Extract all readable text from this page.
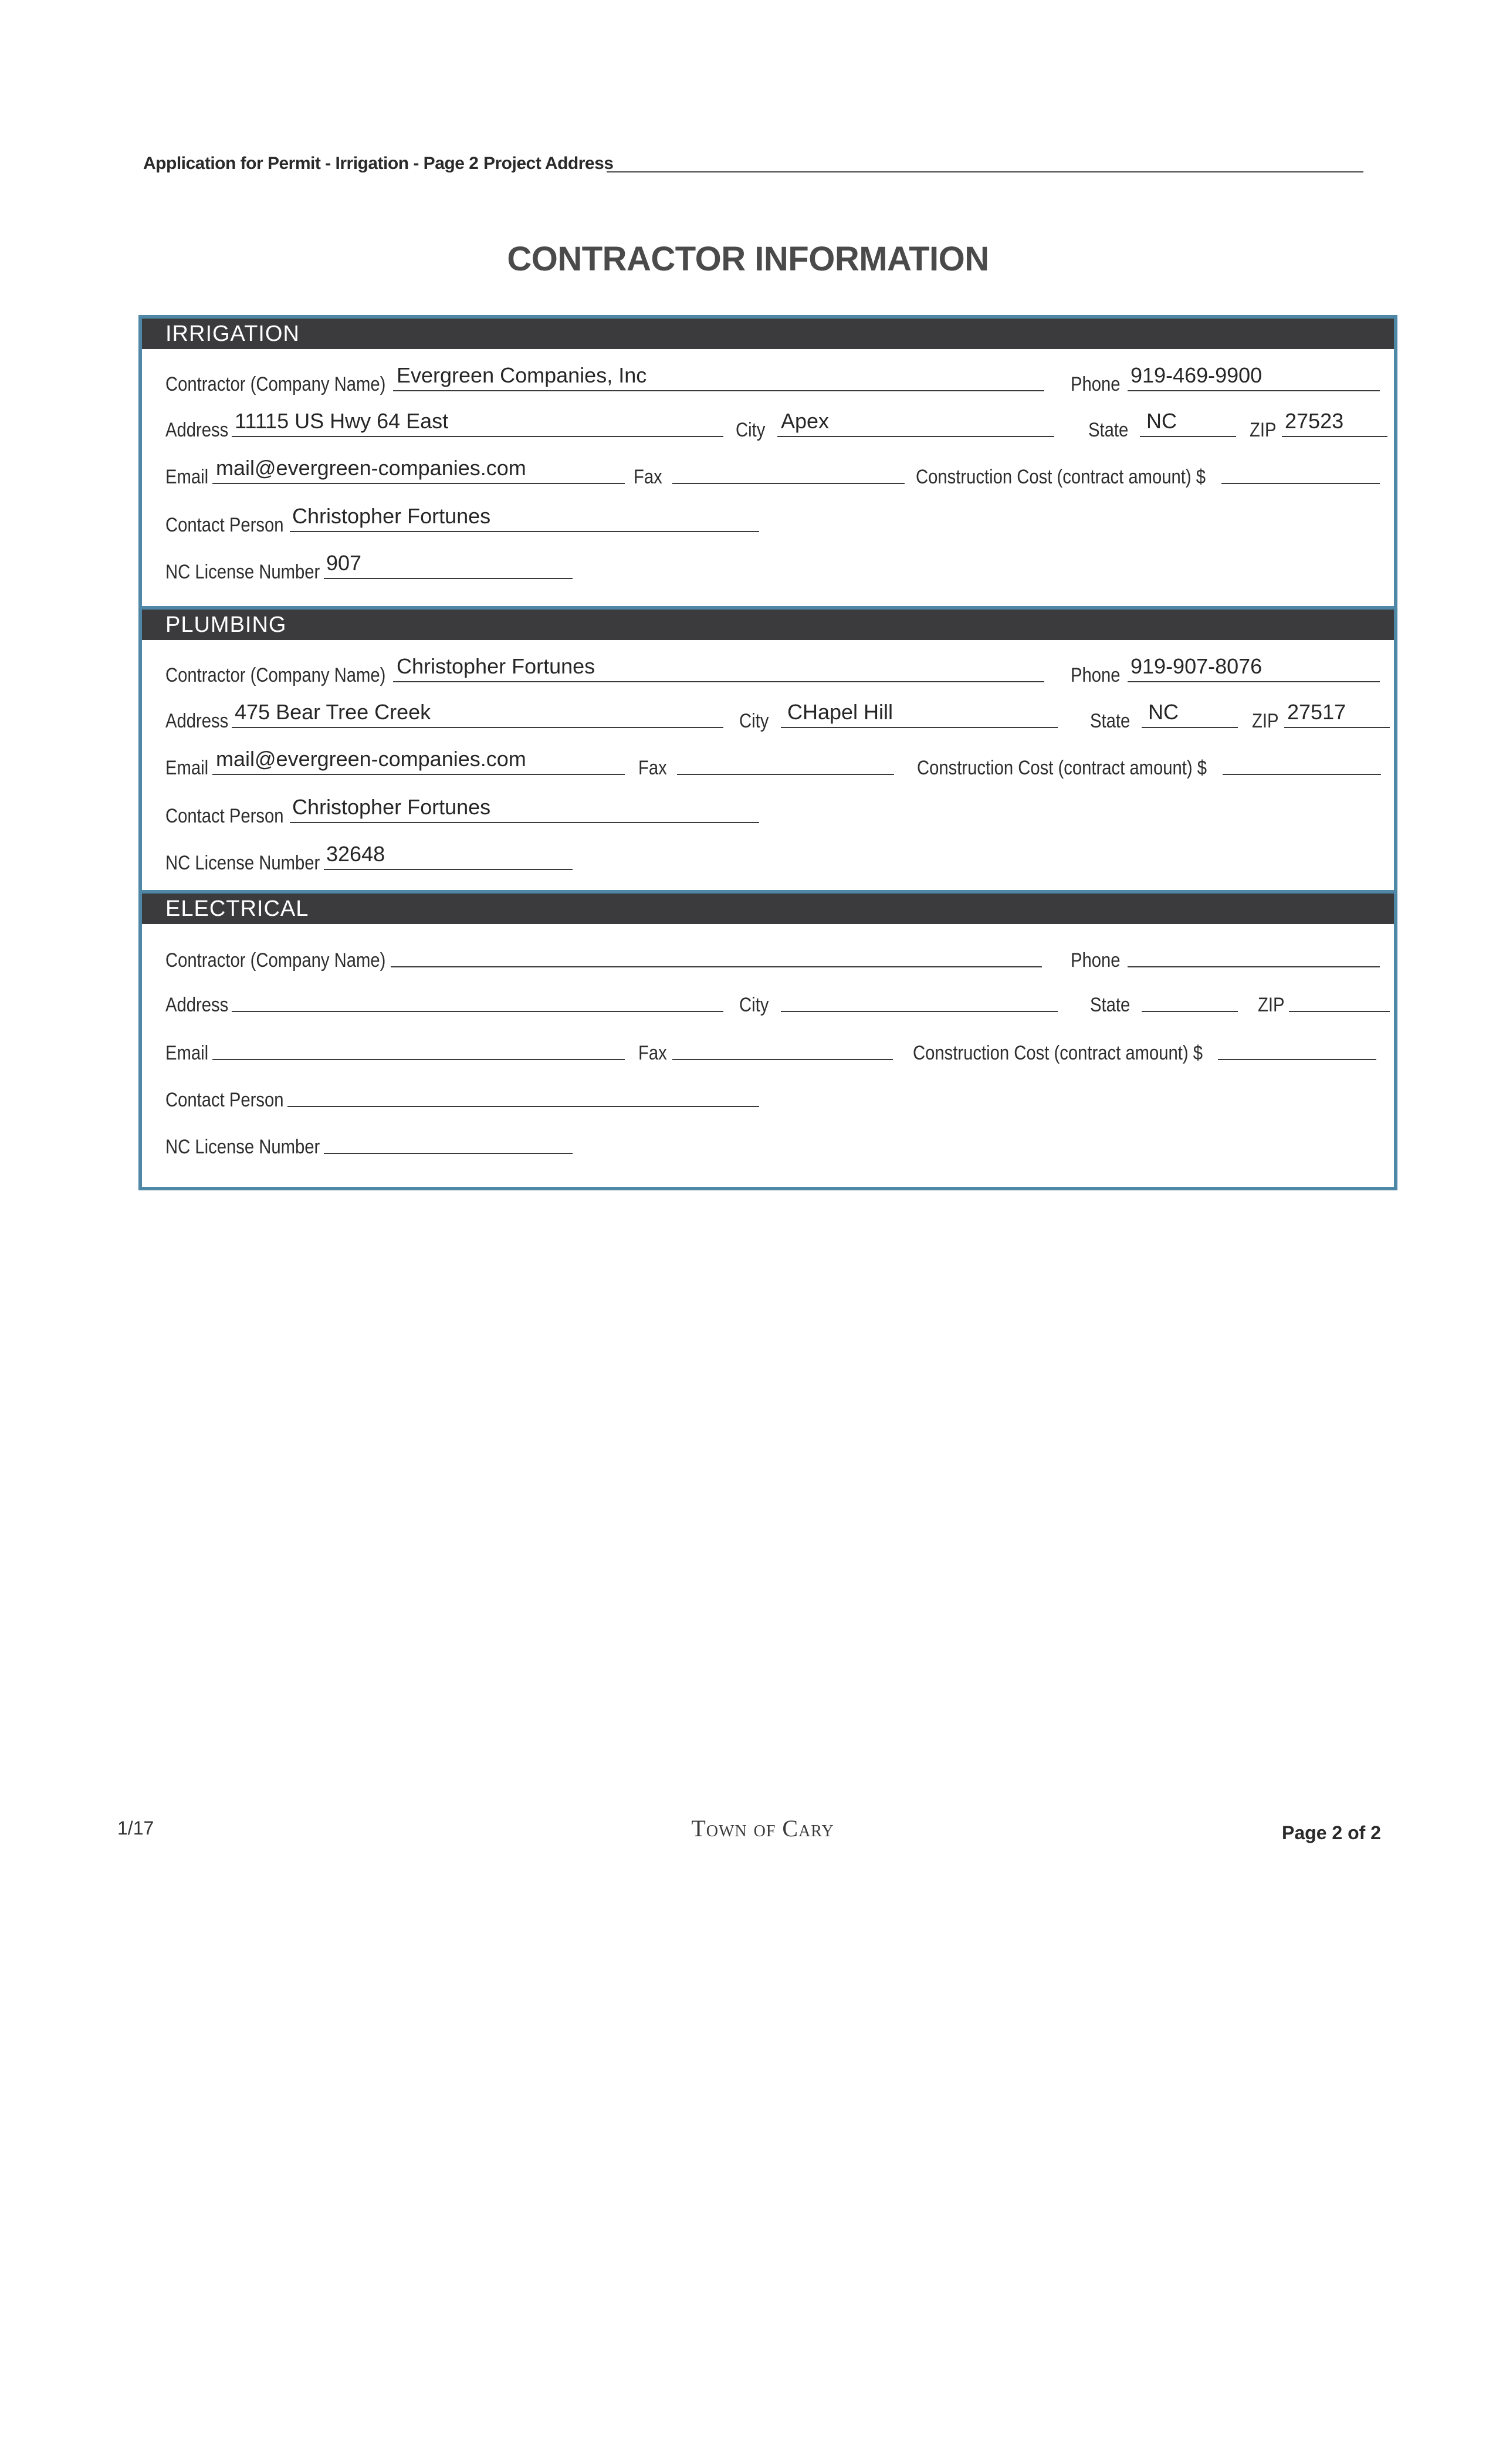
Application for Permit - Irrigation - Page 2 Project Address
CONTRACTOR INFORMATION
IRRIGATION
Contractor (Company Name) Evergreen Companies, Inc	Phone 919-469-9900
Address 11115 US Hwy 64 East	City Apex	State NC	ZIP 27523
Email mail@evergreen-companies.com	Fax	Construction Cost (contract amount) $
Contact Person Christopher Fortunes
NC License Number 907
PLUMBING
Contractor (Company Name) Christopher Fortunes	Phone 919-907-8076
Address 475 Bear Tree Creek	City CHapel Hill	State NC	ZIP 27517
Email mail@evergreen-companies.com	Fax	Construction Cost (contract amount) $
Contact Person Christopher Fortunes
NC License Number 32648
ELECTRICAL
Contractor (Company Name)	Phone
Address	City	State	ZIP
Email	Fax	Construction Cost (contract amount) $
Contact Person
NC License Number
1/17	Town of Cary	Page 2 of 2
